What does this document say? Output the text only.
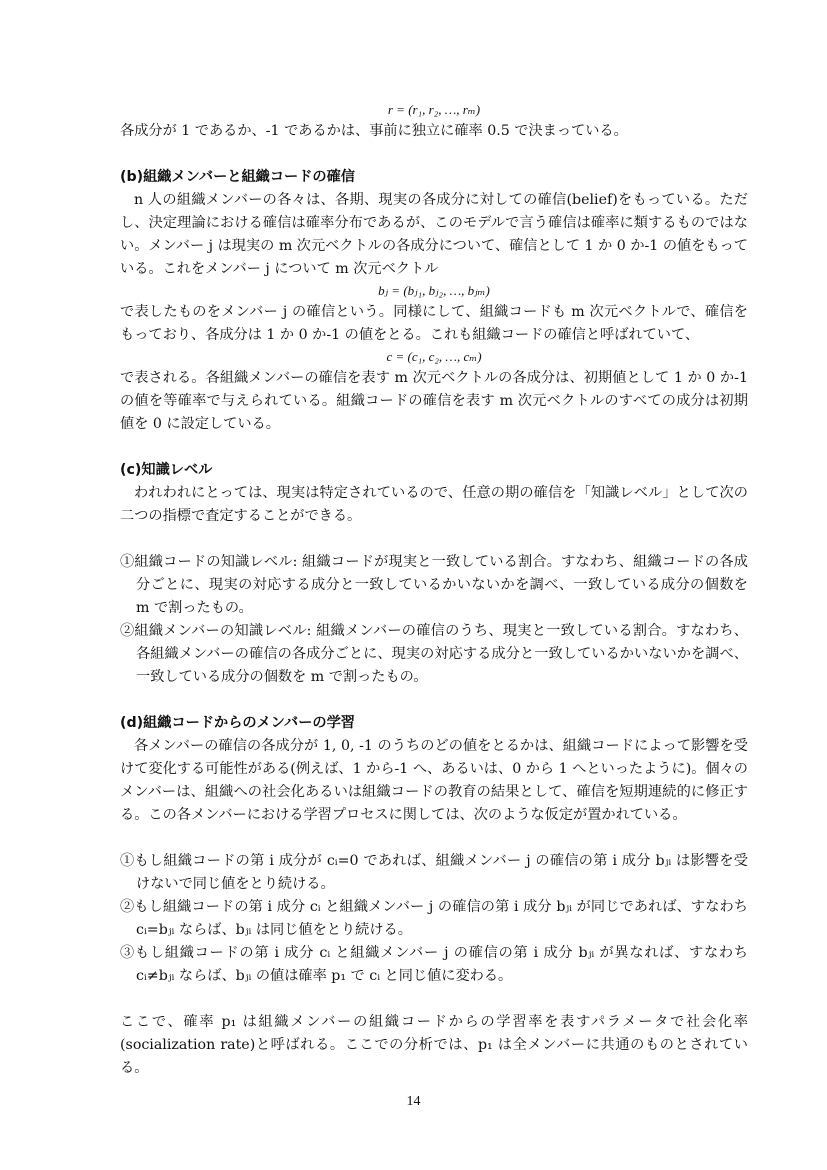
r = (r₁, r₂, …, rₘ)

各成分が 1 であるか、-1 であるかは、事前に独立に確率 0.5 で決まっている。

(b)組織メンバーと組織コードの確信

n 人の組織メンバーの各々は、各期、現実の各成分に対しての確信(belief)をもっている。ただし、決定理論における確信は確率分布であるが、このモデルで言う確信は確率に類するものではない。メンバー j は現実の m 次元ベクトルの各成分について、確信として 1 か 0 か-1 の値をもっている。これをメンバー j について m 次元ベクトル

bⱼ = (bⱼ₁, bⱼ₂, …, bⱼₘ)

で表したものをメンバー j の確信という。同様にして、組織コードも m 次元ベクトルで、確信をもっており、各成分は 1 か 0 か-1 の値をとる。これも組織コードの確信と呼ばれていて、

c = (c₁, c₂, …, cₘ)

で表される。各組織メンバーの確信を表す m 次元ベクトルの各成分は、初期値として 1 か 0 か-1 の値を等確率で与えられている。組織コードの確信を表す m 次元ベクトルのすべての成分は初期値を 0 に設定している。

(c)知識レベル

われわれにとっては、現実は特定されているので、任意の期の確信を「知識レベル」として次の二つの指標で査定することができる。

①組織コードの知識レベル: 組織コードが現実と一致している割合。すなわち、組織コードの各成分ごとに、現実の対応する成分と一致しているかいないかを調べ、一致している成分の個数を m で割ったもの。

②組織メンバーの知識レベル: 組織メンバーの確信のうち、現実と一致している割合。すなわち、各組織メンバーの確信の各成分ごとに、現実の対応する成分と一致しているかいないかを調べ、一致している成分の個数を m で割ったもの。

(d)組織コードからのメンバーの学習

各メンバーの確信の各成分が 1, 0, -1 のうちのどの値をとるかは、組織コードによって影響を受けて変化する可能性がある(例えば、1 から-1 へ、あるいは、0 から 1 へといったように)。個々のメンバーは、組織への社会化あるいは組織コードの教育の結果として、確信を短期連続的に修正する。この各メンバーにおける学習プロセスに関しては、次のような仮定が置かれている。

①もし組織コードの第 i 成分が cᵢ=0 であれば、組織メンバー j の確信の第 i 成分 bⱼᵢ は影響を受けないで同じ値をとり続ける。

②もし組織コードの第 i 成分 cᵢ と組織メンバー j の確信の第 i 成分 bⱼᵢ が同じであれば、すなわち cᵢ=bⱼᵢ ならば、bⱼᵢ は同じ値をとり続ける。

③もし組織コードの第 i 成分 cᵢ と組織メンバー j の確信の第 i 成分 bⱼᵢ が異なれば、すなわち cᵢ≠bⱼᵢ ならば、bⱼᵢ の値は確率 p₁ で cᵢ と同じ値に変わる。

ここで、確率 p₁ は組織メンバーの組織コードからの学習率を表すパラメータで社会化率(socialization rate)と呼ばれる。ここでの分析では、p₁ は全メンバーに共通のものとされている。

14
